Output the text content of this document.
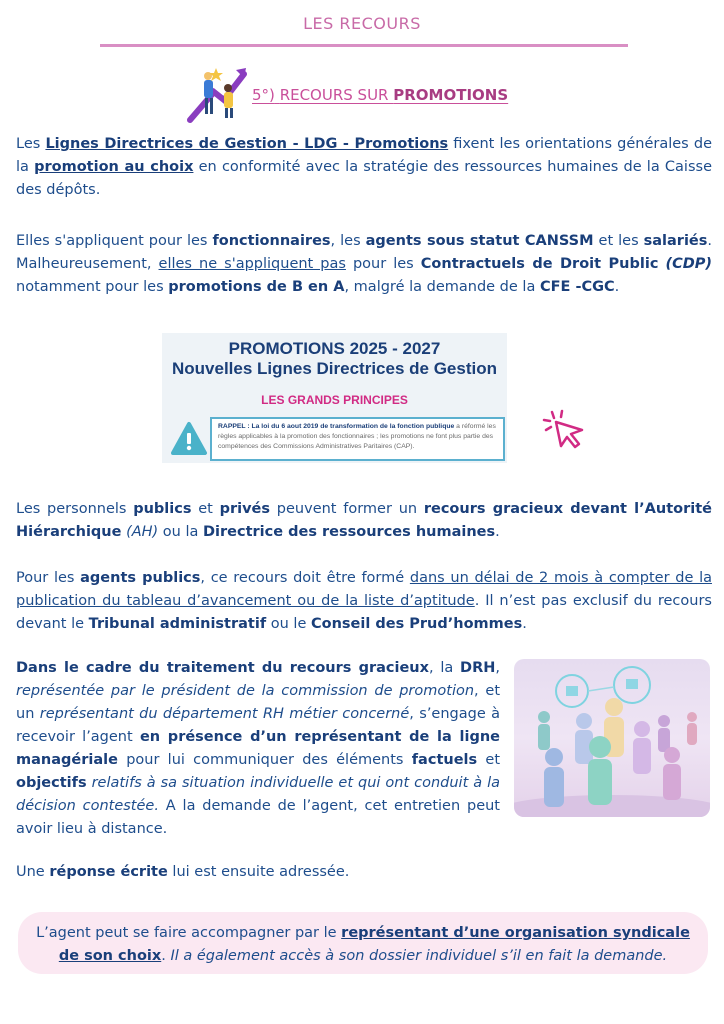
LES RECOURS
5°) RECOURS SUR PROMOTIONS
Les Lignes Directrices de Gestion - LDG - Promotions fixent les orientations générales de la promotion au choix en conformité avec la stratégie des ressources humaines de la Caisse des dépôts.
Elles s'appliquent pour les fonctionnaires, les agents sous statut CANSSM et les salariés. Malheureusement, elles ne s'appliquent pas pour les Contractuels de Droit Public (CDP) notamment pour les promotions de B en A, malgré la demande de la CFE -CGC.
PROMOTIONS 2025 - 2027
Nouvelles Lignes Directrices de Gestion
LES GRANDS PRINCIPES
RAPPEL : La loi du 6 aout 2019 de transformation de la fonction publique a réformé les règles applicables à la promotion des fonctionnaires ; les promotions ne font plus partie des compétences des Commissions Administratives Paritaires (CAP).
Les personnels publics et privés peuvent former un recours gracieux devant l’Autorité Hiérarchique (AH) ou la Directrice des ressources humaines.
Pour les agents publics, ce recours doit être formé dans un délai de 2 mois à compter de la publication du tableau d’avancement ou de la liste d’aptitude. Il n’est pas exclusif du recours devant le Tribunal administratif ou le Conseil des Prud’hommes.
Dans le cadre du traitement du recours gracieux, la DRH, représentée par le président de la commission de promotion, et un représentant du département RH métier concerné, s’engage à recevoir l’agent en présence d’un représentant de la ligne managériale pour lui communiquer des éléments factuels et objectifs relatifs à sa situation individuelle et qui ont conduit à la décision contestée. A la demande de l’agent, cet entretien peut avoir lieu à distance.
Une réponse écrite lui est ensuite adressée.
L’agent peut se faire accompagner par le représentant d’une organisation syndicale de son choix. Il a également accès à son dossier individuel s’il en fait la demande.
